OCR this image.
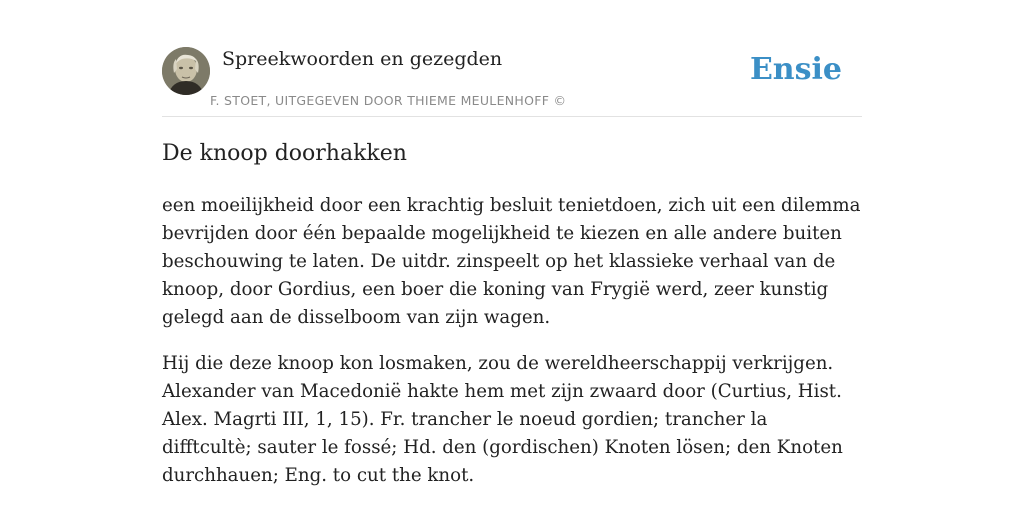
Spreekwoorden en gezegden
F. STOET, UITGEGEVEN DOOR THIEME MEULENHOFF ©
Ensie
De knoop doorhakken

een moeilijkheid door een krachtig besluit tenietdoen, zich uit een dilemma bevrijden door één bepaalde mogelijkheid te kiezen en alle andere buiten beschouwing te laten. De uitdr. zinspeelt op het klassieke verhaal van de knoop, door Gordius, een boer die koning van Frygië werd, zeer kunstig gelegd aan de disselboom van zijn wagen.

Hij die deze knoop kon losmaken, zou de wereldheerschappij verkrijgen. Alexander van Macedonië hakte hem met zijn zwaard door (Curtius, Hist. Alex. Magrti III, 1, 15). Fr. trancher le noeud gordien; trancher la difftcultè; sauter le fossé; Hd. den (gordischen) Knoten lösen; den Knoten durchhauen; Eng. to cut the knot.
